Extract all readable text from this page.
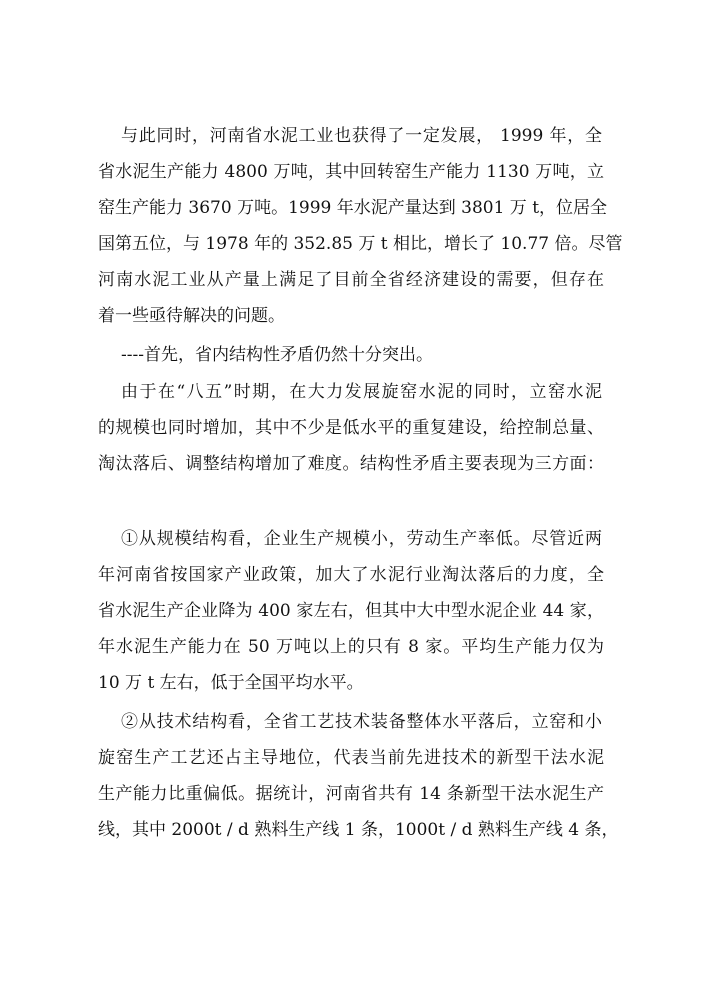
与此同时，河南省水泥工业也获得了一定发展， 1999 年，全
省水泥生产能力 4800 万吨，其中回转窑生产能力 1130 万吨，立
窑生产能力 3670 万吨。1999 年水泥产量达到 3801 万 t，位居全
国第五位，与 1978 年的 352.85 万 t 相比，增长了 10.77 倍。尽管
河南水泥工业从产量上满足了目前全省经济建设的需要，但存在
着一些亟待解决的问题。
----首先，省内结构性矛盾仍然十分突出。
由于在“八五”时期，在大力发展旋窑水泥的同时，立窑水泥
的规模也同时增加，其中不少是低水平的重复建设，给控制总量、
淘汰落后、调整结构增加了难度。结构性矛盾主要表现为三方面：
①从规模结构看，企业生产规模小，劳动生产率低。尽管近两
年河南省按国家产业政策，加大了水泥行业淘汰落后的力度，全
省水泥生产企业降为 400 家左右，但其中大中型水泥企业 44 家，
年水泥生产能力在 50 万吨以上的只有 8 家。平均生产能力仅为
10 万 t 左右，低于全国平均水平。
②从技术结构看，全省工艺技术装备整体水平落后，立窑和小
旋窑生产工艺还占主导地位，代表当前先进技术的新型干法水泥
生产能力比重偏低。据统计，河南省共有 14 条新型干法水泥生产
线，其中 2000t / d 熟料生产线 1 条，1000t / d 熟料生产线 4 条，
